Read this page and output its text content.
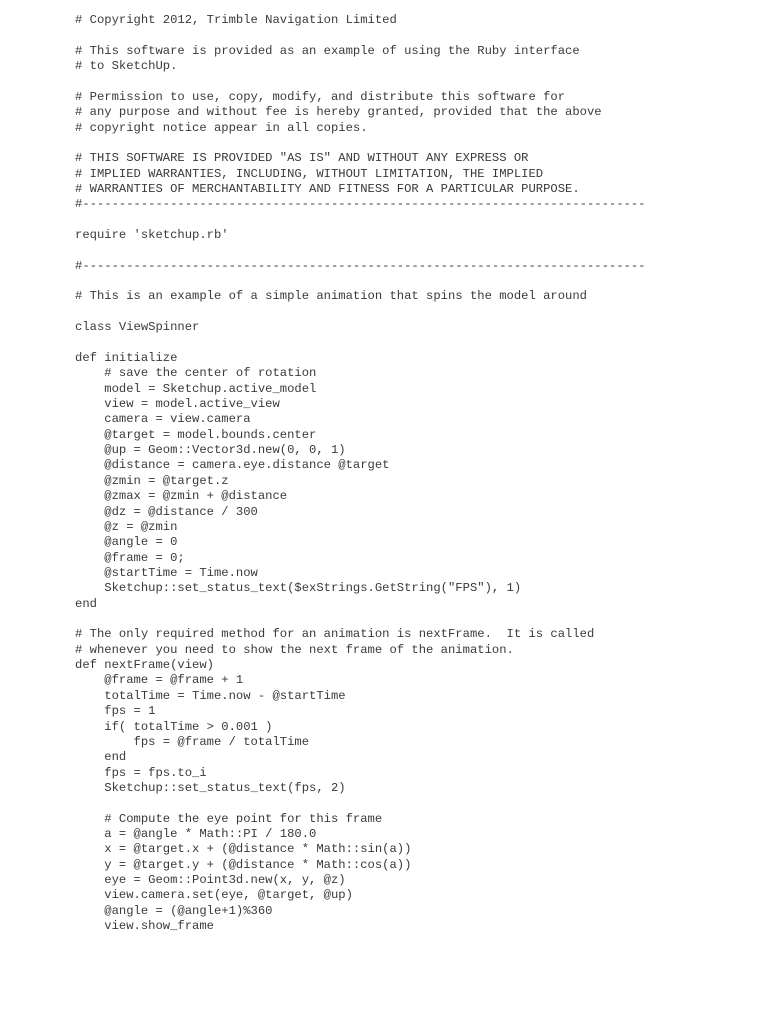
# Copyright 2012, Trimble Navigation Limited
# This software is provided as an example of using the Ruby interface
# to SketchUp.
# Permission to use, copy, modify, and distribute this software for
# any purpose and without fee is hereby granted, provided that the above
# copyright notice appear in all copies.
# THIS SOFTWARE IS PROVIDED "AS IS" AND WITHOUT ANY EXPRESS OR
# IMPLIED WARRANTIES, INCLUDING, WITHOUT LIMITATION, THE IMPLIED
# WARRANTIES OF MERCHANTABILITY AND FITNESS FOR A PARTICULAR PURPOSE.
#-----------------------------------------------------------------------------
require 'sketchup.rb'
#-----------------------------------------------------------------------------
# This is an example of a simple animation that spins the model around
class ViewSpinner
def initialize
# save the center of rotation
model = Sketchup.active_model
view = model.active_view
camera = view.camera
@target = model.bounds.center
@up = Geom::Vector3d.new(0, 0, 1)
@distance = camera.eye.distance @target
@zmin = @target.z
@zmax = @zmin + @distance
@dz = @distance / 300
@z = @zmin
@angle = 0
@frame = 0;
@startTime = Time.now
Sketchup::set_status_text($exStrings.GetString("FPS"), 1)
end
# The only required method for an animation is nextFrame.  It is called
# whenever you need to show the next frame of the animation.
def nextFrame(view)
@frame = @frame + 1
totalTime = Time.now - @startTime
fps = 1
if( totalTime > 0.001 )
fps = @frame / totalTime
end
fps = fps.to_i
Sketchup::set_status_text(fps, 2)
# Compute the eye point for this frame
a = @angle * Math::PI / 180.0
x = @target.x + (@distance * Math::sin(a))
y = @target.y + (@distance * Math::cos(a))
eye = Geom::Point3d.new(x, y, @z)
view.camera.set(eye, @target, @up)
@angle = (@angle+1)%360
view.show_frame
